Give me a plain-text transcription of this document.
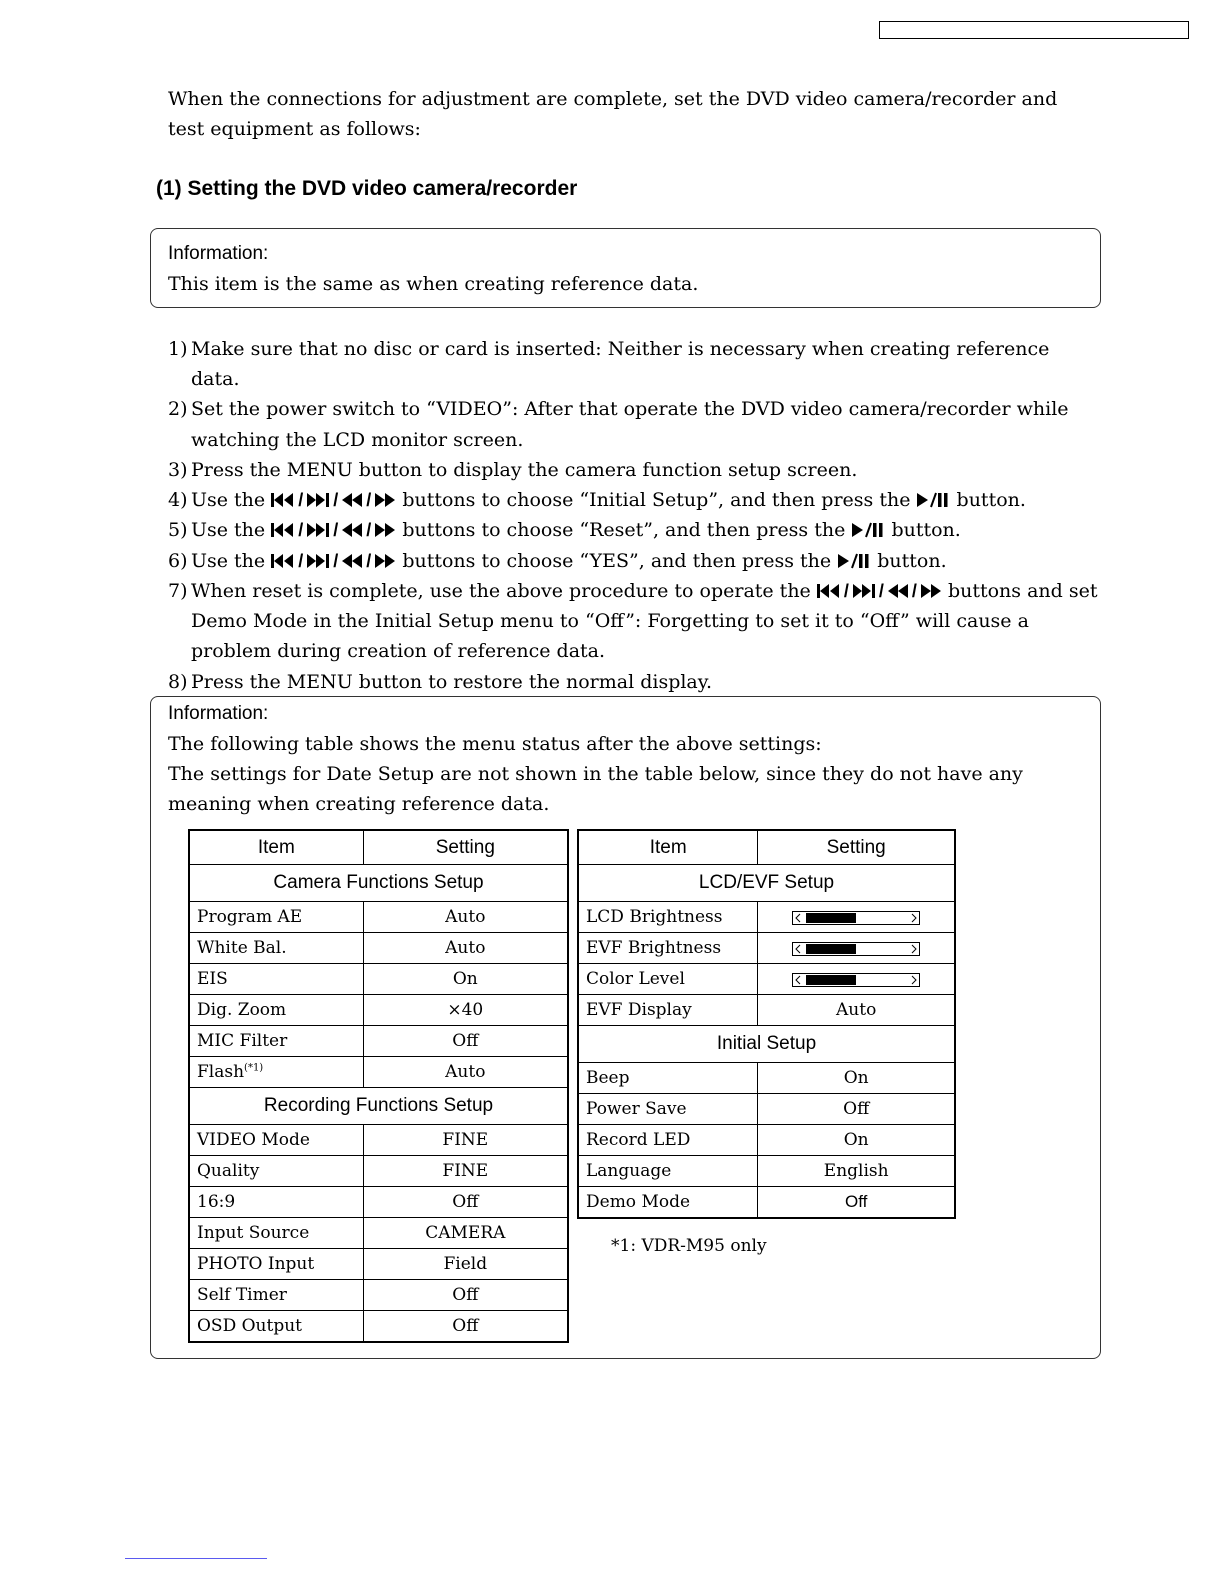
When the connections for adjustment are complete, set the DVD video camera/recorder and test equipment as follows:
(1) Setting the DVD video camera/recorder
Information:
This item is the same as when creating reference data.
1) Make sure that no disc or card is inserted: Neither is necessary when creating reference data.
2) Set the power switch to “VIDEO”: After that operate the DVD video camera/recorder while watching the LCD monitor screen.
3) Press the MENU button to display the camera function setup screen.
4) Use the / / / buttons to choose “Initial Setup”, and then press the button.
5) Use the / / / buttons to choose “Reset”, and then press the button.
6) Use the / / / buttons to choose “YES”, and then press the button.
7) When reset is complete, use the above procedure to operate the / / / buttons and set Demo Mode in the Initial Setup menu to “Off”: Forgetting to set it to “Off” will cause a problem during creation of reference data.
8) Press the MENU button to restore the normal display.
Information:
The following table shows the menu status after the above settings:
The settings for Date Setup are not shown in the table below, since they do not have any meaning when creating reference data.
Item	Setting
Camera Functions Setup	
Program AE	Auto
White Bal.	Auto
EIS	On
Dig. Zoom	×40
MIC Filter	Off
Flash$^{(*1)}$	Auto
Recording Functions Setup	
VIDEO Mode	FINE
Quality	FINE
16:9	Off
Input Source	CAMERA
PHOTO Input	Field
Self Timer	Off
OSD Output	Off
Item	Setting
LCD/EVF Setup	
LCD Brightness	
EVF Brightness	
Color Level	
EVF Display	Auto
Initial Setup	
Beep	On
Power Save	Off
Record LED	On
Language	English
Demo Mode	Off
*1: VDR-M95 only
